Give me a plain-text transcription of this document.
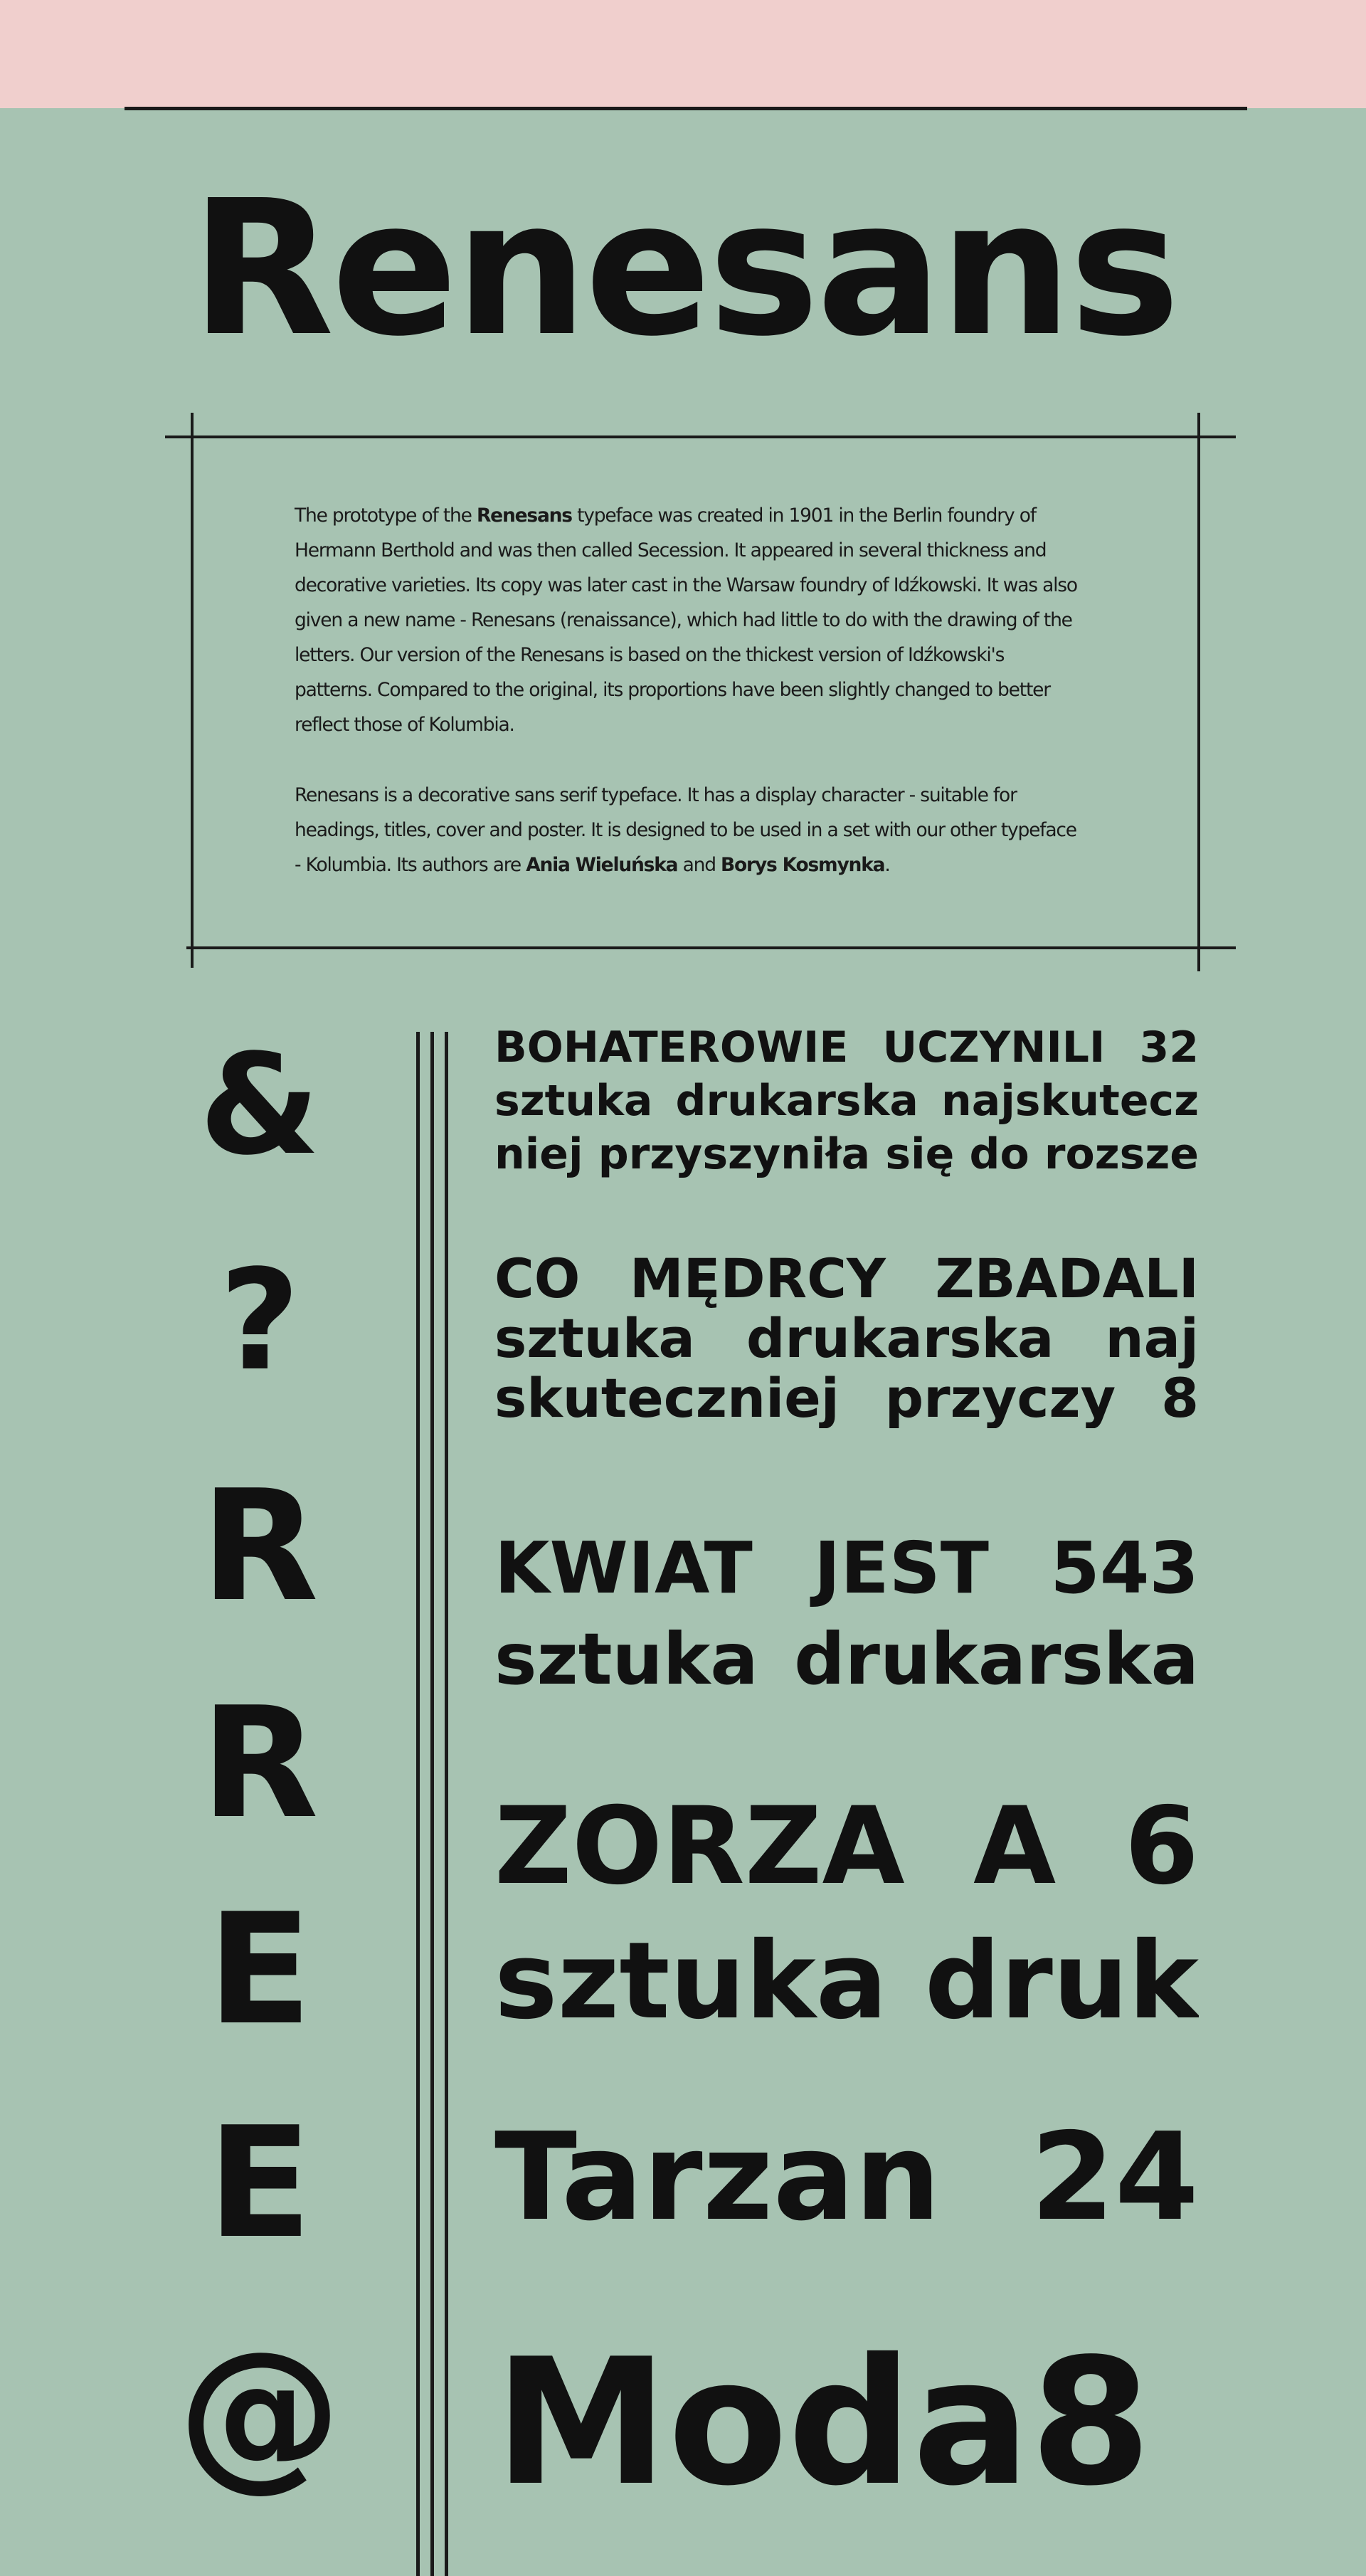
Renesans

The prototype of the Renesans typeface was created in 1901 in the Berlin foundry of Hermann Berthold and was then called Secession. It appeared in several thickness and decorative varieties. Its copy was later cast in the Warsaw foundry of Idźkowski. It was also given a new name - Renesans (renaissance), which had little to do with the drawing of the letters. Our version of the Renesans is based on the thickest version of Idźkowski's patterns. Compared to the original, its proportions have been slightly changed to better reflect those of Kolumbia.

Renesans is a decorative sans serif typeface. It has a display character - suitable for headings, titles, cover and poster. It is designed to be used in a set with our other typeface - Kolumbia. Its authors are Ania Wieluńska and Borys Kosmynka.

&
?
R
R
E
E
@
BOHATEROWIE UCZYNILI 32
sztuka drukarska najskutecz
niej przyszyniła się do rozsze
CO MĘDRCY ZBADALI
sztuka drukarska naj
skuteczniej przyczy 8
KWIAT JEST 543
sztuka drukarska
ZORZA A 6
sztuka druk
Tarzan 24
Moda8
